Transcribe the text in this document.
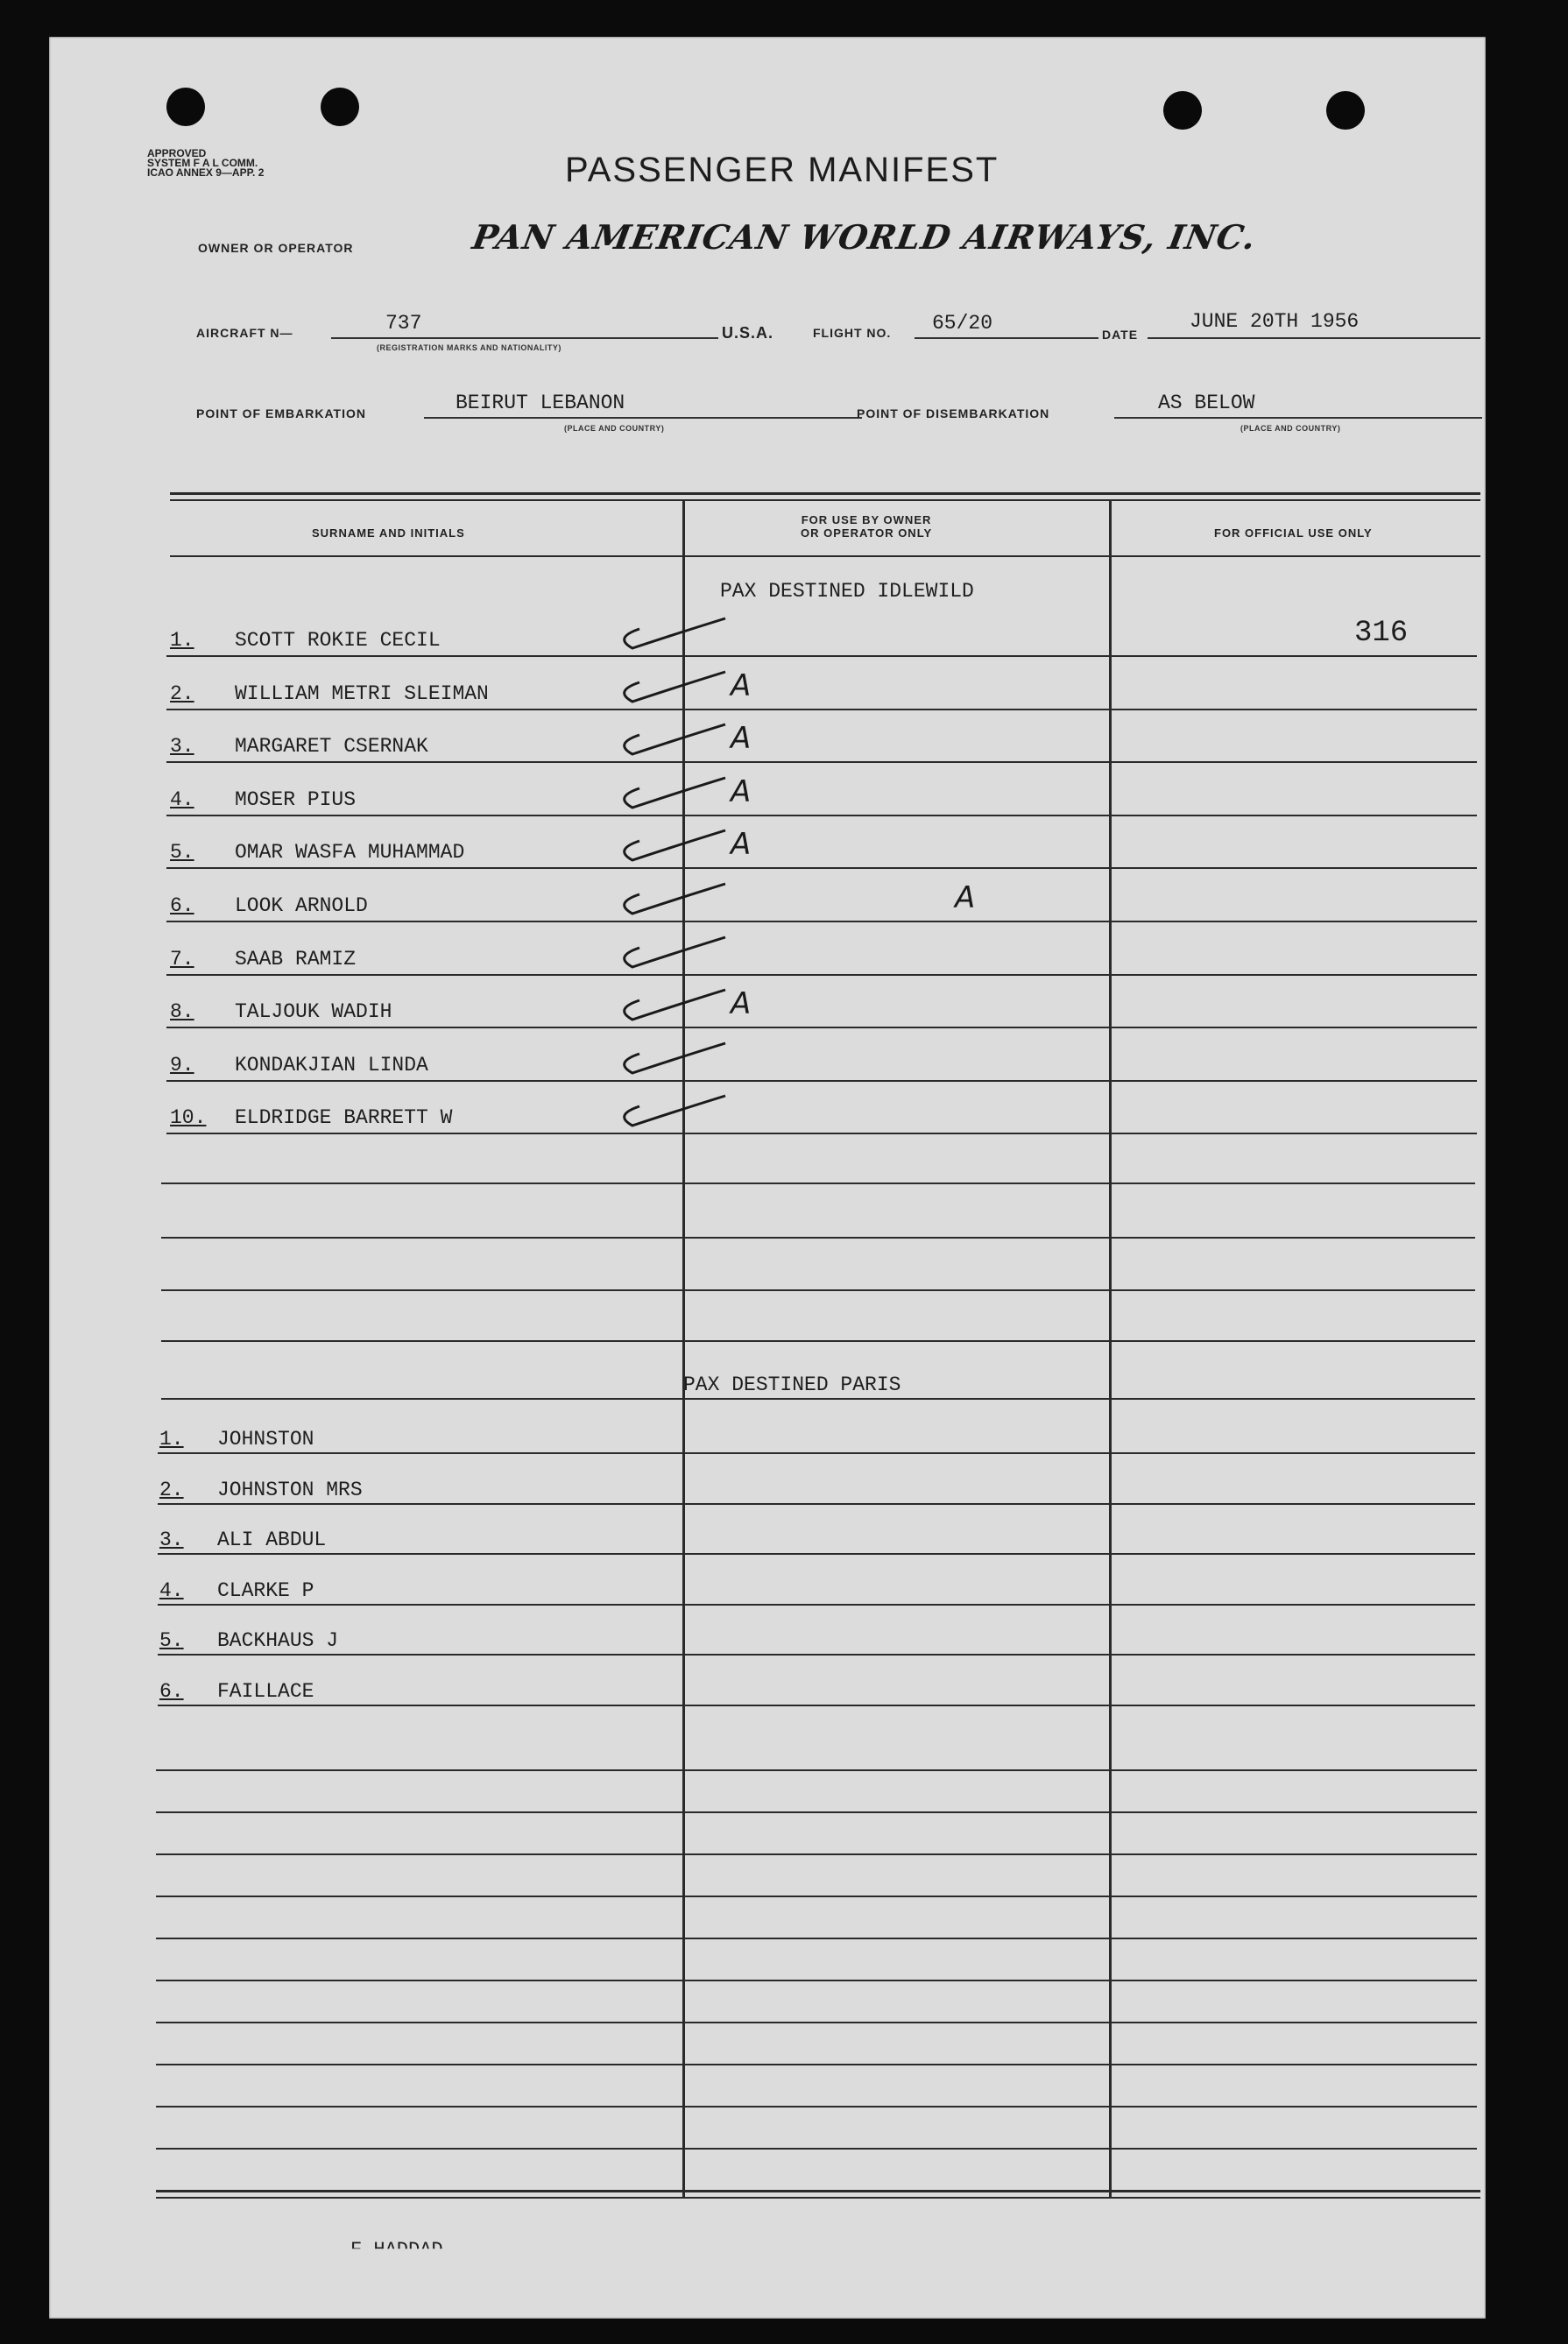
APPROVED
SYSTEM F A L COMM.
ICAO ANNEX 9—APP. 2	PASSENGER MANIFEST
OWNER OR OPERATOR	PAN AMERICAN WORLD AIRWAYS, INC.
AIRCRAFT N—	737
(REGISTRATION MARKS AND NATIONALITY)
U.S.A.	FLIGHT NO. 65/20	DATE
JUNE 20TH 1956
POINT OF EMBARKATION	BEIRUT LEBANON
(PLACE AND COUNTRY)
POINT OF DISEMBARKATION	AS BELOW
(PLACE AND COUNTRY)
SURNAME AND INITIALS
FOR USE BY OWNER
OR OPERATOR ONLY	FOR OFFICIAL USE ONLY
PAX DESTINED IDLEWILD
316
1. SCOTT ROKIE CECIL
2. WILLIAM METRI SLEIMAN	A
3. MARGARET CSERNAK	A
4. MOSER PIUS	A
5. OMAR WASFA MUHAMMAD	A
6. LOOK ARNOLD	A
7. SAAB RAMIZ
8. TALJOUK WADIH	A
9. KONDAKJIAN LINDA
10. ELDRIDGE BARRETT W
PAX DESTINED PARIS
1. JOHNSTON
2. JOHNSTON MRS
3. ALI ABDUL
4. CLARKE P
5. BACKHAUS J
6. FAILLACE
